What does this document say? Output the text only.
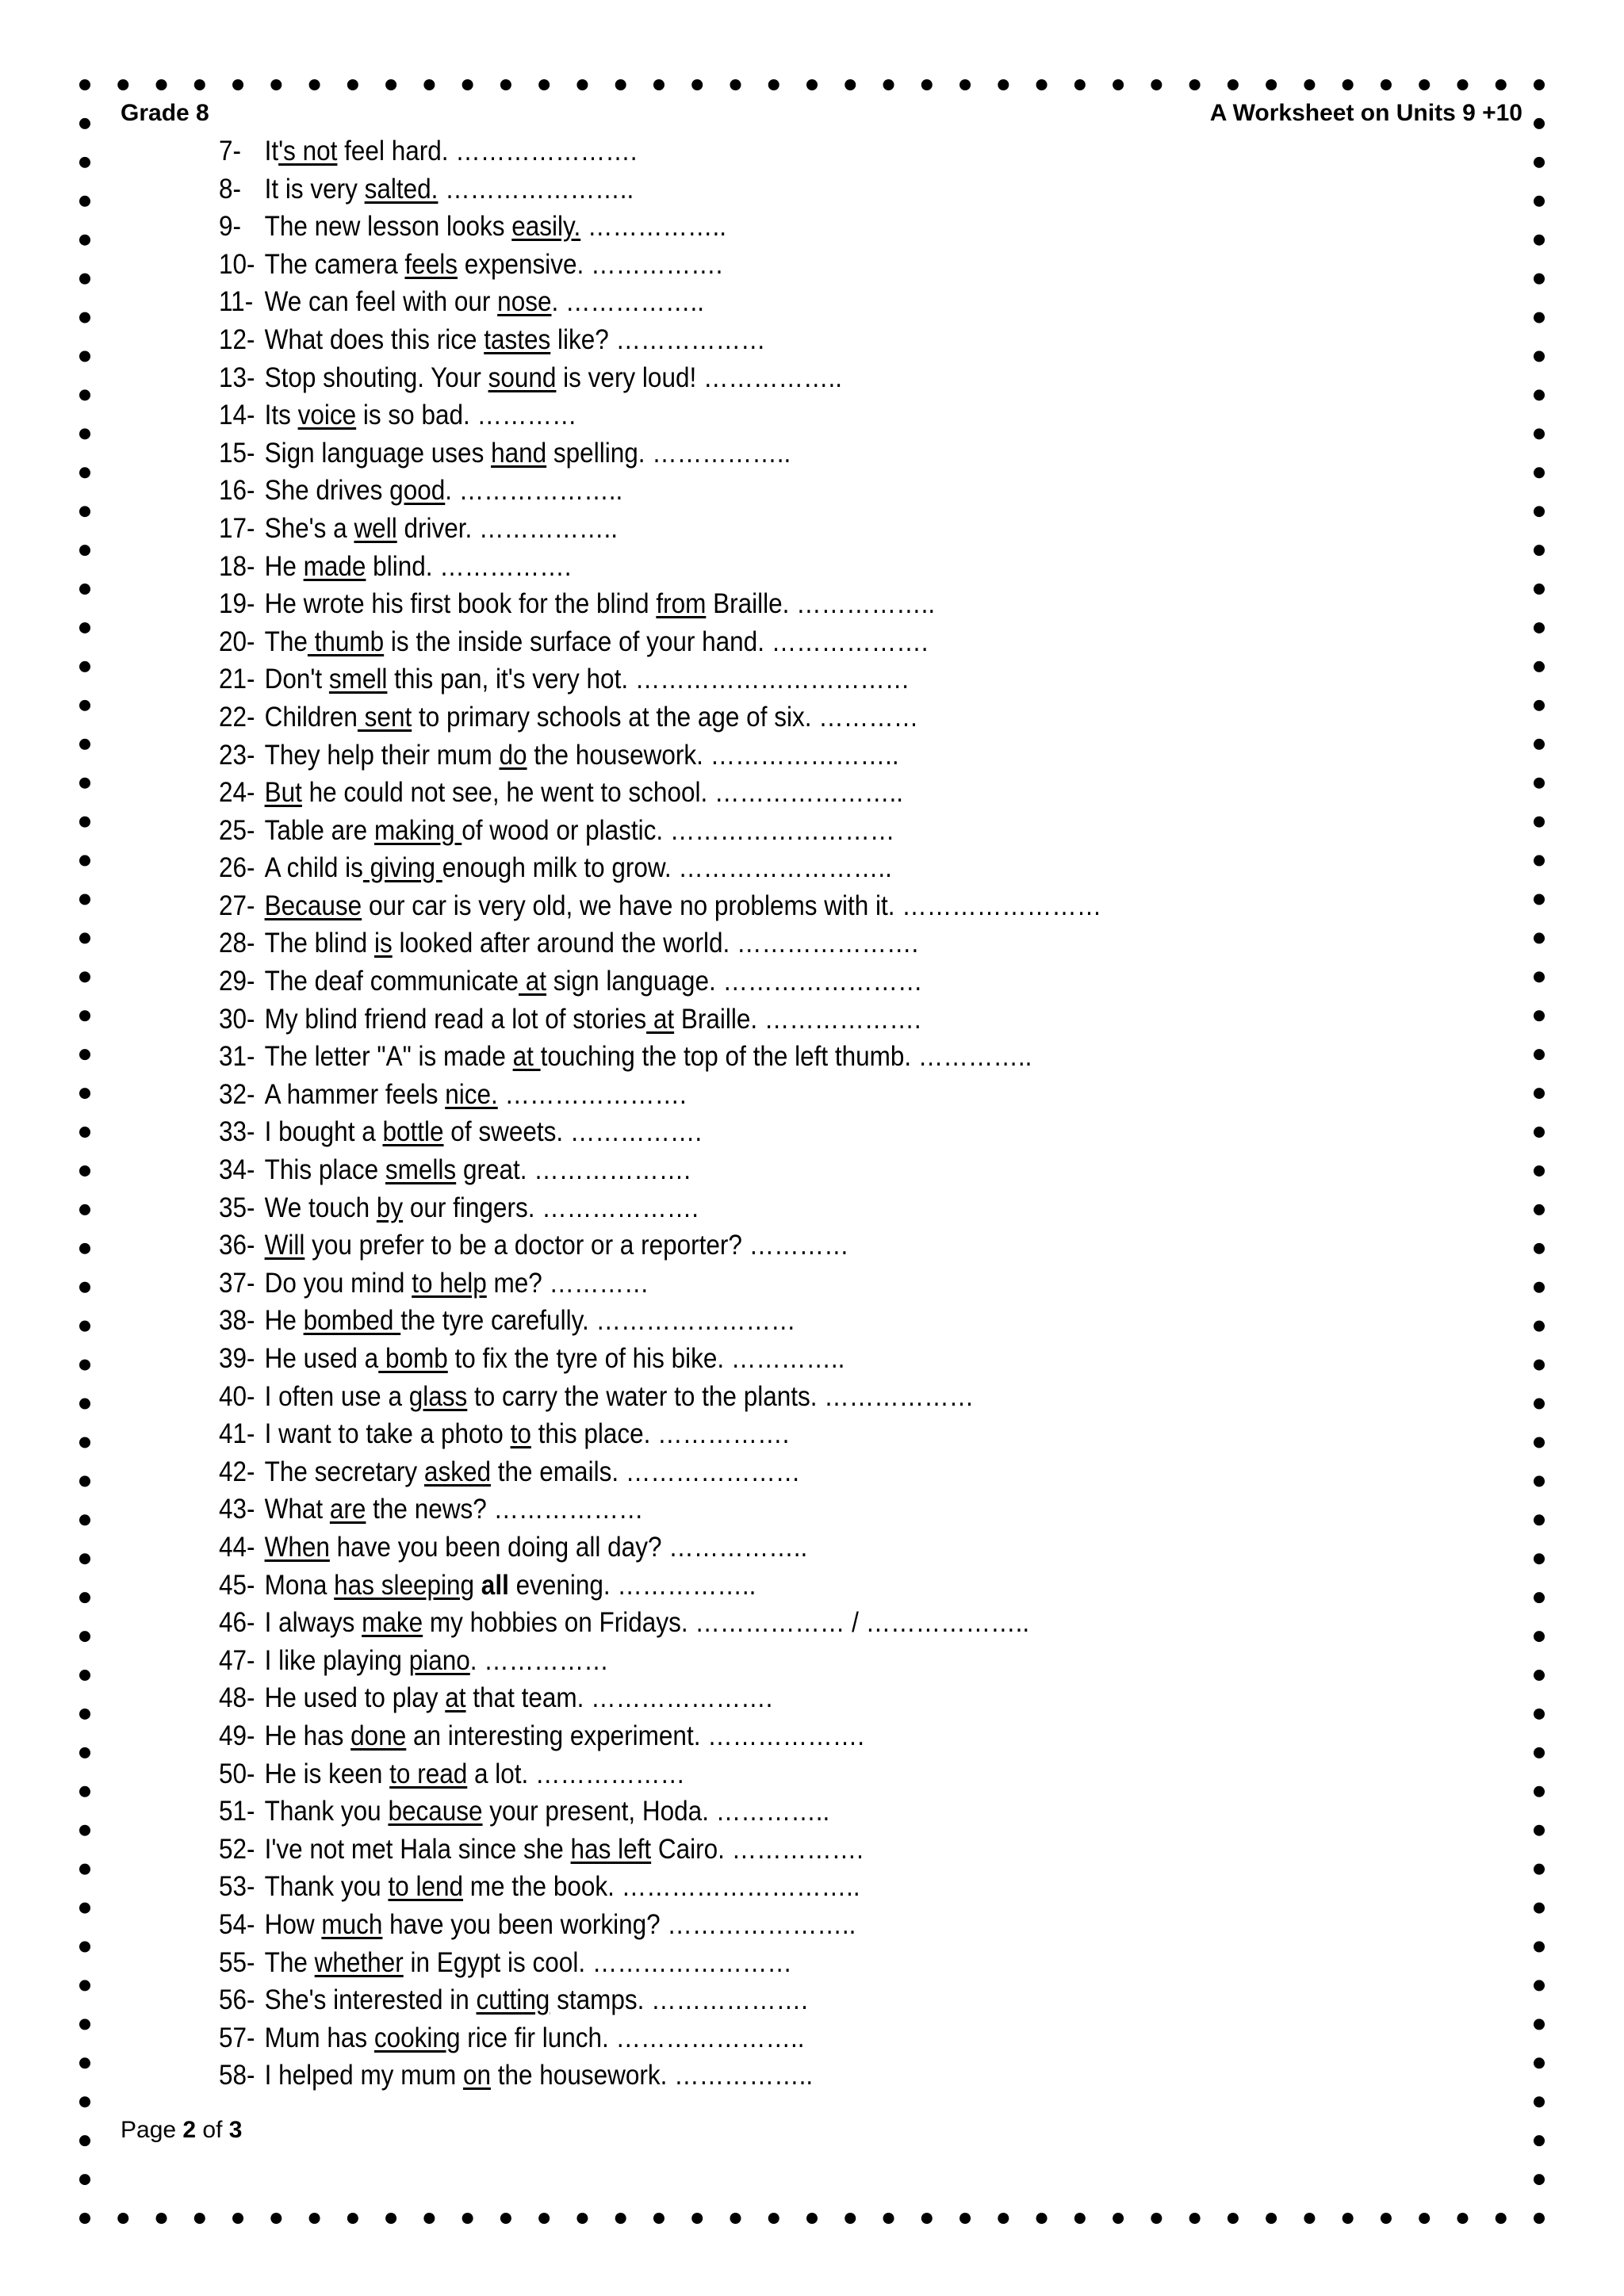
Grade 8	A Worksheet on Units 9 +10
7- It's not feel hard. ………………….
8- It is very salted. …………………..
9- The new lesson looks easily. ……………..
10- The camera feels expensive. …………….
11- We can feel with our nose. ……………..
12- What does this rice tastes like? ………………
13- Stop shouting. Your sound is very loud! ……………..
14- Its voice is so bad. …………
15- Sign language uses hand spelling. ……………..
16- She drives good. ………………..
17- She's a well driver. ……………..
18- He made blind. …………….
19- He wrote his first book for the blind from Braille. ……………..
20- The thumb is the inside surface of your hand. ……………….
21- Don't smell this pan, it's very hot. ……………………………
22- Children sent to primary schools at the age of six. …………
23- They help their mum do the housework. …………………..
24- But he could not see, he went to school. …………………..
25- Table are making of wood or plastic. ………………………
26- A child is giving enough milk to grow. ……………………..
27- Because our car is very old, we have no problems with it. ……………………
28- The blind is looked after around the world. ………………….
29- The deaf communicate at sign language. ……………………
30- My blind friend read a lot of stories at Braille. ……………….
31- The letter "A" is made at touching the top of the left thumb. …………..
32- A hammer feels nice. ………………….
33- I bought a bottle of sweets. …………….
34- This place smells great. ……………….
35- We touch by our fingers. ……………….
36- Will you prefer to be a doctor or a reporter? …………
37- Do you mind to help me? …………
38- He bombed the tyre carefully. ……………………
39- He used a bomb to fix the tyre of his bike. …………..
40- I often use a glass to carry the water to the plants. ………………
41- I want to take a photo to this place. …………….
42- The secretary asked the emails. …………………
43- What are the news? ………………
44- When have you been doing all day? ……………..
45- Mona has sleeping all evening. ……………..
46- I always make my hobbies on Fridays. ……………… / ………………..
47- I like playing piano. ……………
48- He used to play at that team. ………………….
49- He has done an interesting experiment. ……………….
50- He is keen to read a lot. ………………
51- Thank you because your present, Hoda. …………..
52- I've not met Hala since she has left Cairo. …………….
53- Thank you to lend me the book. ………………………..
54- How much have you been working? …………………..
55- The whether in Egypt is cool. ……………………
56- She's interested in cutting stamps. ……………….
57- Mum has cooking rice fir lunch. …………………..
58- I helped my mum on the housework. ……………..
Page 2 of 3
